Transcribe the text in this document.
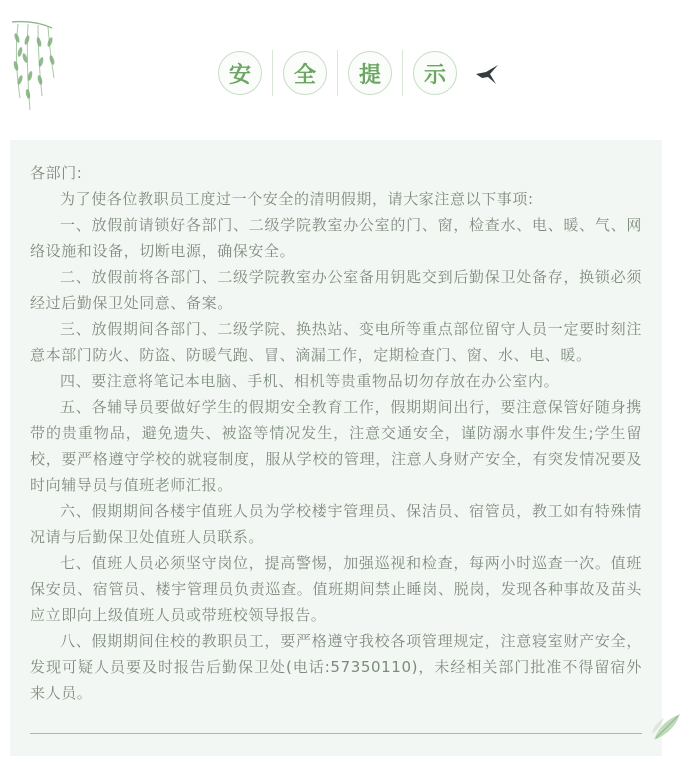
安	全	提	示

各部门:

为了使各位教职员工度过一个安全的清明假期，请大家注意以下事项:

一、放假前请锁好各部门、二级学院教室办公室的门、窗，检查水、电、暖、气、网络设施和设备，切断电源，确保安全。

二、放假前将各部门、二级学院教室办公室备用钥匙交到后勤保卫处备存，换锁必须经过后勤保卫处同意、备案。

三、放假期间各部门、二级学院、换热站、变电所等重点部位留守人员一定要时刻注意本部门防火、防盗、防暖气跑、冒、滴漏工作，定期检查门、窗、水、电、暖。

四、要注意将笔记本电脑、手机、相机等贵重物品切勿存放在办公室内。

五、各辅导员要做好学生的假期安全教育工作，假期期间出行，要注意保管好随身携带的贵重物品，避免遗失、被盗等情况发生，注意交通安全，谨防溺水事件发生;学生留校，要严格遵守学校的就寝制度，服从学校的管理，注意人身财产安全，有突发情况要及时向辅导员与值班老师汇报。

六、假期期间各楼宇值班人员为学校楼宇管理员、保洁员、宿管员，教工如有特殊情况请与后勤保卫处值班人员联系。

七、值班人员必须坚守岗位，提高警惕，加强巡视和检查，每两小时巡查一次。值班保安员、宿管员、楼宇管理员负责巡查。值班期间禁止睡岗、脱岗，发现各种事故及苗头应立即向上级值班人员或带班校领导报告。

八、假期期间住校的教职员工，要严格遵守我校各项管理规定，注意寝室财产安全，发现可疑人员要及时报告后勤保卫处(电话:57350110)，未经相关部门批准不得留宿外来人员。
